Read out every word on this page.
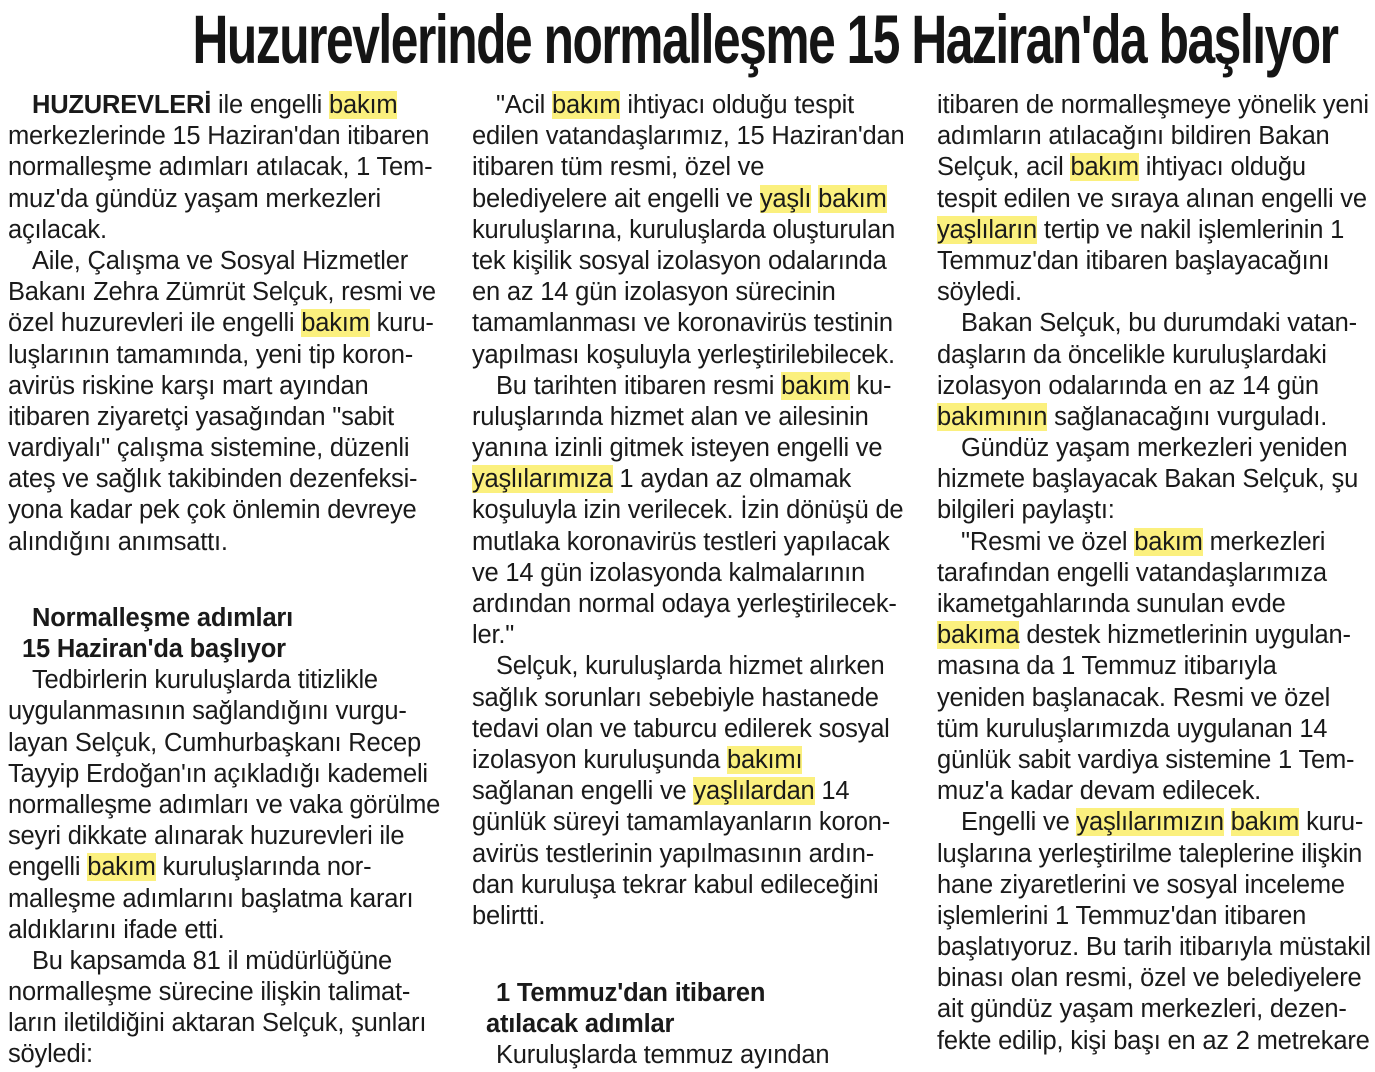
Huzurevlerinde normalleşme 15 Haziran'da başlıyor
HUZUREVLERİ ile engelli bakım
merkezlerinde 15 Haziran'dan itibaren
normalleşme adımları atılacak, 1 Tem-
muz'da gündüz yaşam merkezleri
açılacak.
Aile, Çalışma ve Sosyal Hizmetler
Bakanı Zehra Zümrüt Selçuk, resmi ve
özel huzurevleri ile engelli bakım kuru-
luşlarının tamamında, yeni tip koron-
avirüs riskine karşı mart ayından
itibaren ziyaretçi yasağından "sabit
vardiyalı" çalışma sistemine, düzenli
ateş ve sağlık takibinden dezenfeksi-
yona kadar pek çok önlemin devreye
alındığını anımsattı.
Normalleşme adımları
15 Haziran'da başlıyor
Tedbirlerin kuruluşlarda titizlikle
uygulanmasının sağlandığını vurgu-
layan Selçuk, Cumhurbaşkanı Recep
Tayyip Erdoğan'ın açıkladığı kademeli
normalleşme adımları ve vaka görülme
seyri dikkate alınarak huzurevleri ile
engelli bakım kuruluşlarında nor-
malleşme adımlarını başlatma kararı
aldıklarını ifade etti.
Bu kapsamda 81 il müdürlüğüne
normalleşme sürecine ilişkin talimat-
ların iletildiğini aktaran Selçuk, şunları
söyledi:
"Acil bakım ihtiyacı olduğu tespit
edilen vatandaşlarımız, 15 Haziran'dan
itibaren tüm resmi, özel ve
belediyelere ait engelli ve yaşlı bakım
kuruluşlarına, kuruluşlarda oluşturulan
tek kişilik sosyal izolasyon odalarında
en az 14 gün izolasyon sürecinin
tamamlanması ve koronavirüs testinin
yapılması koşuluyla yerleştirilebilecek.
Bu tarihten itibaren resmi bakım ku-
ruluşlarında hizmet alan ve ailesinin
yanına izinli gitmek isteyen engelli ve
yaşlılarımıza 1 aydan az olmamak
koşuluyla izin verilecek. İzin dönüşü de
mutlaka koronavirüs testleri yapılacak
ve 14 gün izolasyonda kalmalarının
ardından normal odaya yerleştirilecek-
ler."
Selçuk, kuruluşlarda hizmet alırken
sağlık sorunları sebebiyle hastanede
tedavi olan ve taburcu edilerek sosyal
izolasyon kuruluşunda bakımı
sağlanan engelli ve yaşlılardan 14
günlük süreyi tamamlayanların koron-
avirüs testlerinin yapılmasının ardın-
dan kuruluşa tekrar kabul edileceğini
belirtti.
1 Temmuz'dan itibaren
atılacak adımlar
Kuruluşlarda temmuz ayından
itibaren de normalleşmeye yönelik yeni
adımların atılacağını bildiren Bakan
Selçuk, acil bakım ihtiyacı olduğu
tespit edilen ve sıraya alınan engelli ve
yaşlıların tertip ve nakil işlemlerinin 1
Temmuz'dan itibaren başlayacağını
söyledi.
Bakan Selçuk, bu durumdaki vatan-
daşların da öncelikle kuruluşlardaki
izolasyon odalarında en az 14 gün
bakımının sağlanacağını vurguladı.
Gündüz yaşam merkezleri yeniden
hizmete başlayacak Bakan Selçuk, şu
bilgileri paylaştı:
"Resmi ve özel bakım merkezleri
tarafından engelli vatandaşlarımıza
ikametgahlarında sunulan evde
bakıma destek hizmetlerinin uygulan-
masına da 1 Temmuz itibarıyla
yeniden başlanacak. Resmi ve özel
tüm kuruluşlarımızda uygulanan 14
günlük sabit vardiya sistemine 1 Tem-
muz'a kadar devam edilecek.
Engelli ve yaşlılarımızın bakım kuru-
luşlarına yerleştirilme taleplerine ilişkin
hane ziyaretlerini ve sosyal inceleme
işlemlerini 1 Temmuz'dan itibaren
başlatıyoruz. Bu tarih itibarıyla müstakil
binası olan resmi, özel ve belediyelere
ait gündüz yaşam merkezleri, dezen-
fekte edilip, kişi başı en az 2 metrekare
